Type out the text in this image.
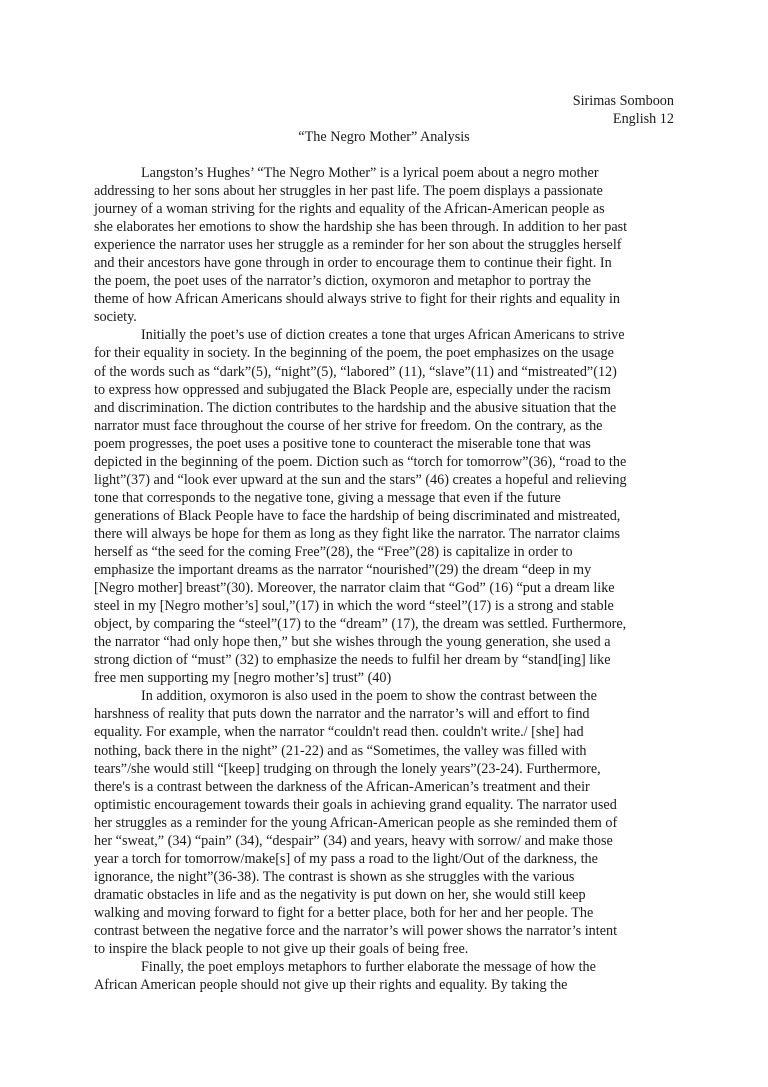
Sirimas Somboon
English 12
“The Negro Mother” Analysis
Langston’s Hughes’ “The Negro Mother” is a lyrical poem about a negro mother
addressing to her sons about her struggles in her past life. The poem displays a passionate
journey of a woman striving for the rights and equality of the African-American people as
she elaborates her emotions to show the hardship she has been through. In addition to her past
experience the narrator uses her struggle as a reminder for her son about the struggles herself
and their ancestors have gone through in order to encourage them to continue their fight. In
the poem, the poet uses of the narrator’s diction, oxymoron and metaphor to portray the
theme of how African Americans should always strive to fight for their rights and equality in
society.
Initially the poet’s use of diction creates a tone that urges African Americans to strive
for their equality in society. In the beginning of the poem, the poet emphasizes on the usage
of the words such as “dark”(5), “night”(5), “labored” (11), “slave”(11) and “mistreated”(12)
to express how oppressed and subjugated the Black People are, especially under the racism
and discrimination. The diction contributes to the hardship and the abusive situation that the
narrator must face throughout the course of her strive for freedom. On the contrary, as the
poem progresses, the poet uses a positive tone to counteract the miserable tone that was
depicted in the beginning of the poem. Diction such as “torch for tomorrow”(36), “road to the
light”(37) and “look ever upward at the sun and the stars” (46) creates a hopeful and relieving
tone that corresponds to the negative tone, giving a message that even if the future
generations of Black People have to face the hardship of being discriminated and mistreated,
there will always be hope for them as long as they fight like the narrator. The narrator claims
herself as “the seed for the coming Free”(28), the “Free”(28) is capitalize in order to
emphasize the important dreams as the narrator “nourished”(29) the dream “deep in my
[Negro mother] breast”(30). Moreover, the narrator claim that “God” (16) “put a dream like
steel in my [Negro mother’s] soul,”(17) in which the word “steel”(17) is a strong and stable
object, by comparing the “steel”(17) to the “dream” (17), the dream was settled. Furthermore,
the narrator “had only hope then,” but she wishes through the young generation, she used a
strong diction of “must” (32) to emphasize the needs to fulfil her dream by “stand[ing] like
free men supporting my [negro mother’s] trust” (40)
In addition, oxymoron is also used in the poem to show the contrast between the
harshness of reality that puts down the narrator and the narrator’s will and effort to find
equality. For example, when the narrator “couldn't read then. couldn't write./ [she] had
nothing, back there in the night” (21-22) and as “Sometimes, the valley was filled with
tears”/she would still “[keep] trudging on through the lonely years”(23-24). Furthermore,
there's is a contrast between the darkness of the African-American’s treatment and their
optimistic encouragement towards their goals in achieving grand equality. The narrator used
her struggles as a reminder for the young African-American people as she reminded them of
her “sweat,” (34) “pain” (34), “despair” (34) and years, heavy with sorrow/ and make those
year a torch for tomorrow/make[s] of my pass a road to the light/Out of the darkness, the
ignorance, the night”(36-38). The contrast is shown as she struggles with the various
dramatic obstacles in life and as the negativity is put down on her, she would still keep
walking and moving forward to fight for a better place, both for her and her people. The
contrast between the negative force and the narrator’s will power shows the narrator’s intent
to inspire the black people to not give up their goals of being free.
Finally, the poet employs metaphors to further elaborate the message of how the
African American people should not give up their rights and equality. By taking the
